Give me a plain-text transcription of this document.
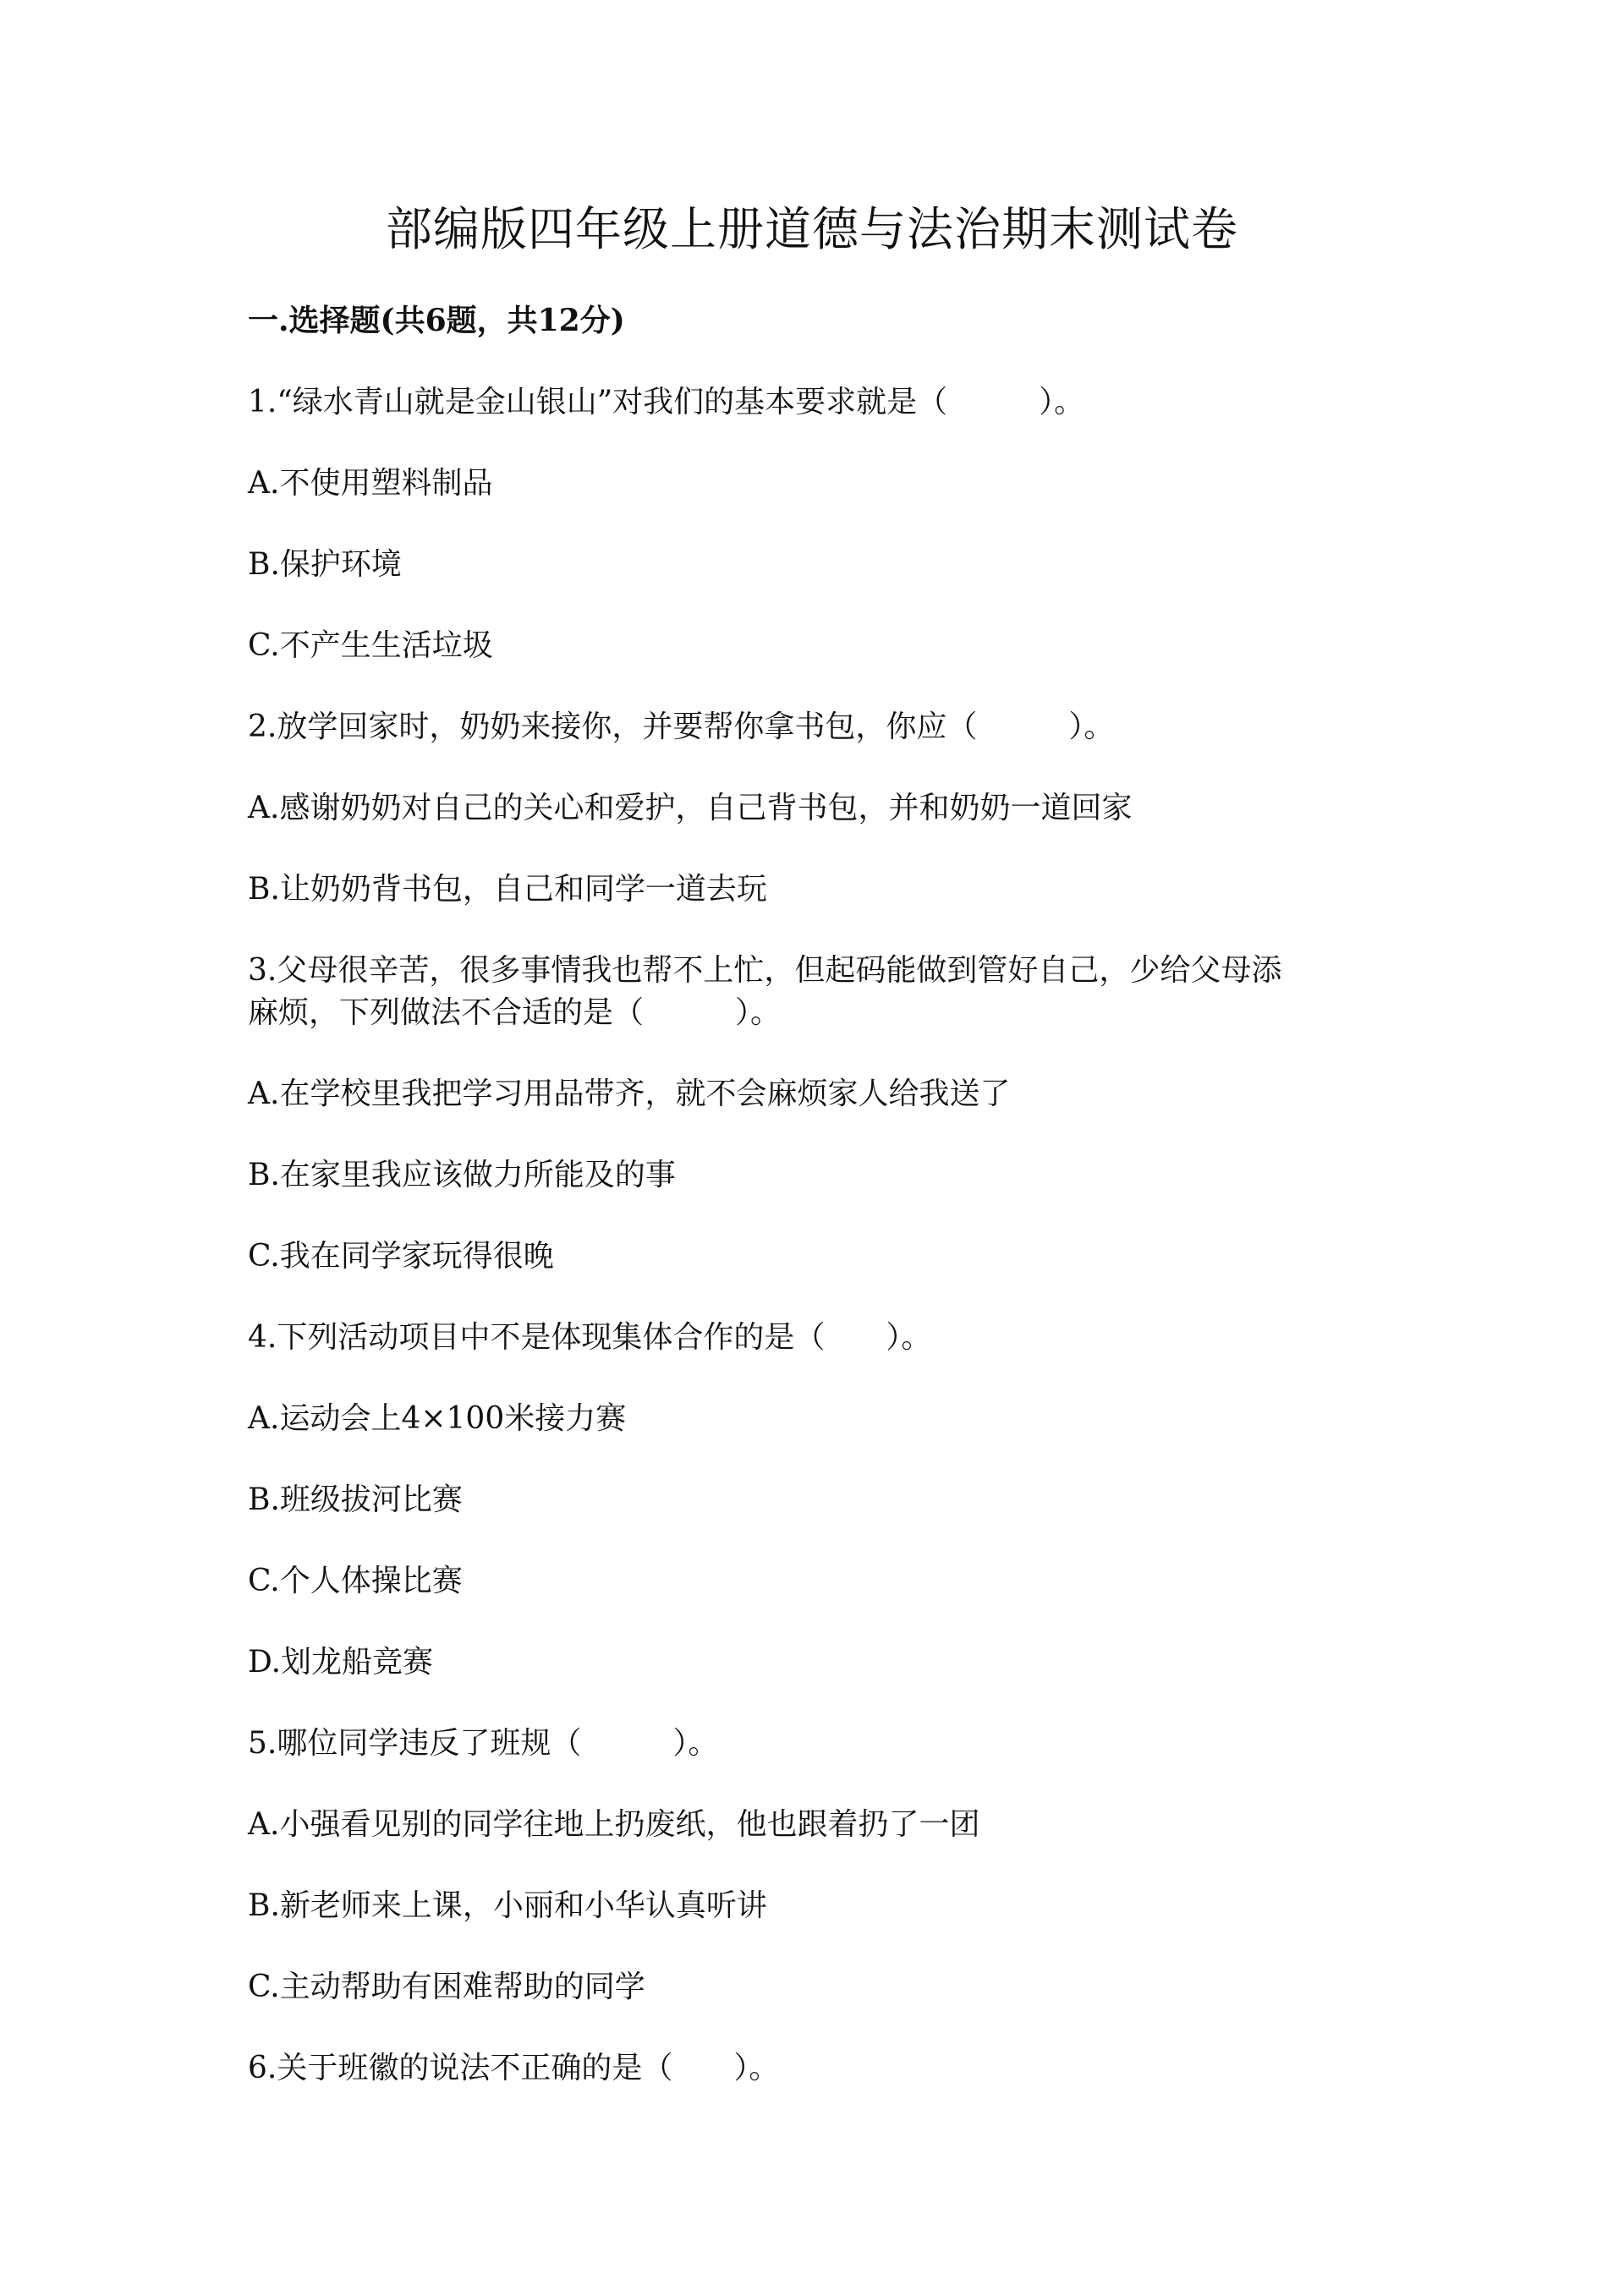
部编版四年级上册道德与法治期末测试卷
一.选择题(共6题，共12分)
1.“绿水青山就是金山银山”对我们的基本要求就是（　　　）。
A.不使用塑料制品
B.保护环境
C.不产生生活垃圾
2.放学回家时，奶奶来接你，并要帮你拿书包，你应（　　　）。
A.感谢奶奶对自己的关心和爱护，自己背书包，并和奶奶一道回家
B.让奶奶背书包，自己和同学一道去玩
3.父母很辛苦，很多事情我也帮不上忙，但起码能做到管好自己，少给父母添
麻烦，下列做法不合适的是（　　　）。
A.在学校里我把学习用品带齐，就不会麻烦家人给我送了
B.在家里我应该做力所能及的事
C.我在同学家玩得很晚
4.下列活动项目中不是体现集体合作的是（　　）。
A.运动会上4×100米接力赛
B.班级拔河比赛
C.个人体操比赛
D.划龙船竞赛
5.哪位同学违反了班规（　　　）。
A.小强看见别的同学往地上扔废纸，他也跟着扔了一团
B.新老师来上课，小丽和小华认真听讲
C.主动帮助有困难帮助的同学
6.关于班徽的说法不正确的是（　　）。
